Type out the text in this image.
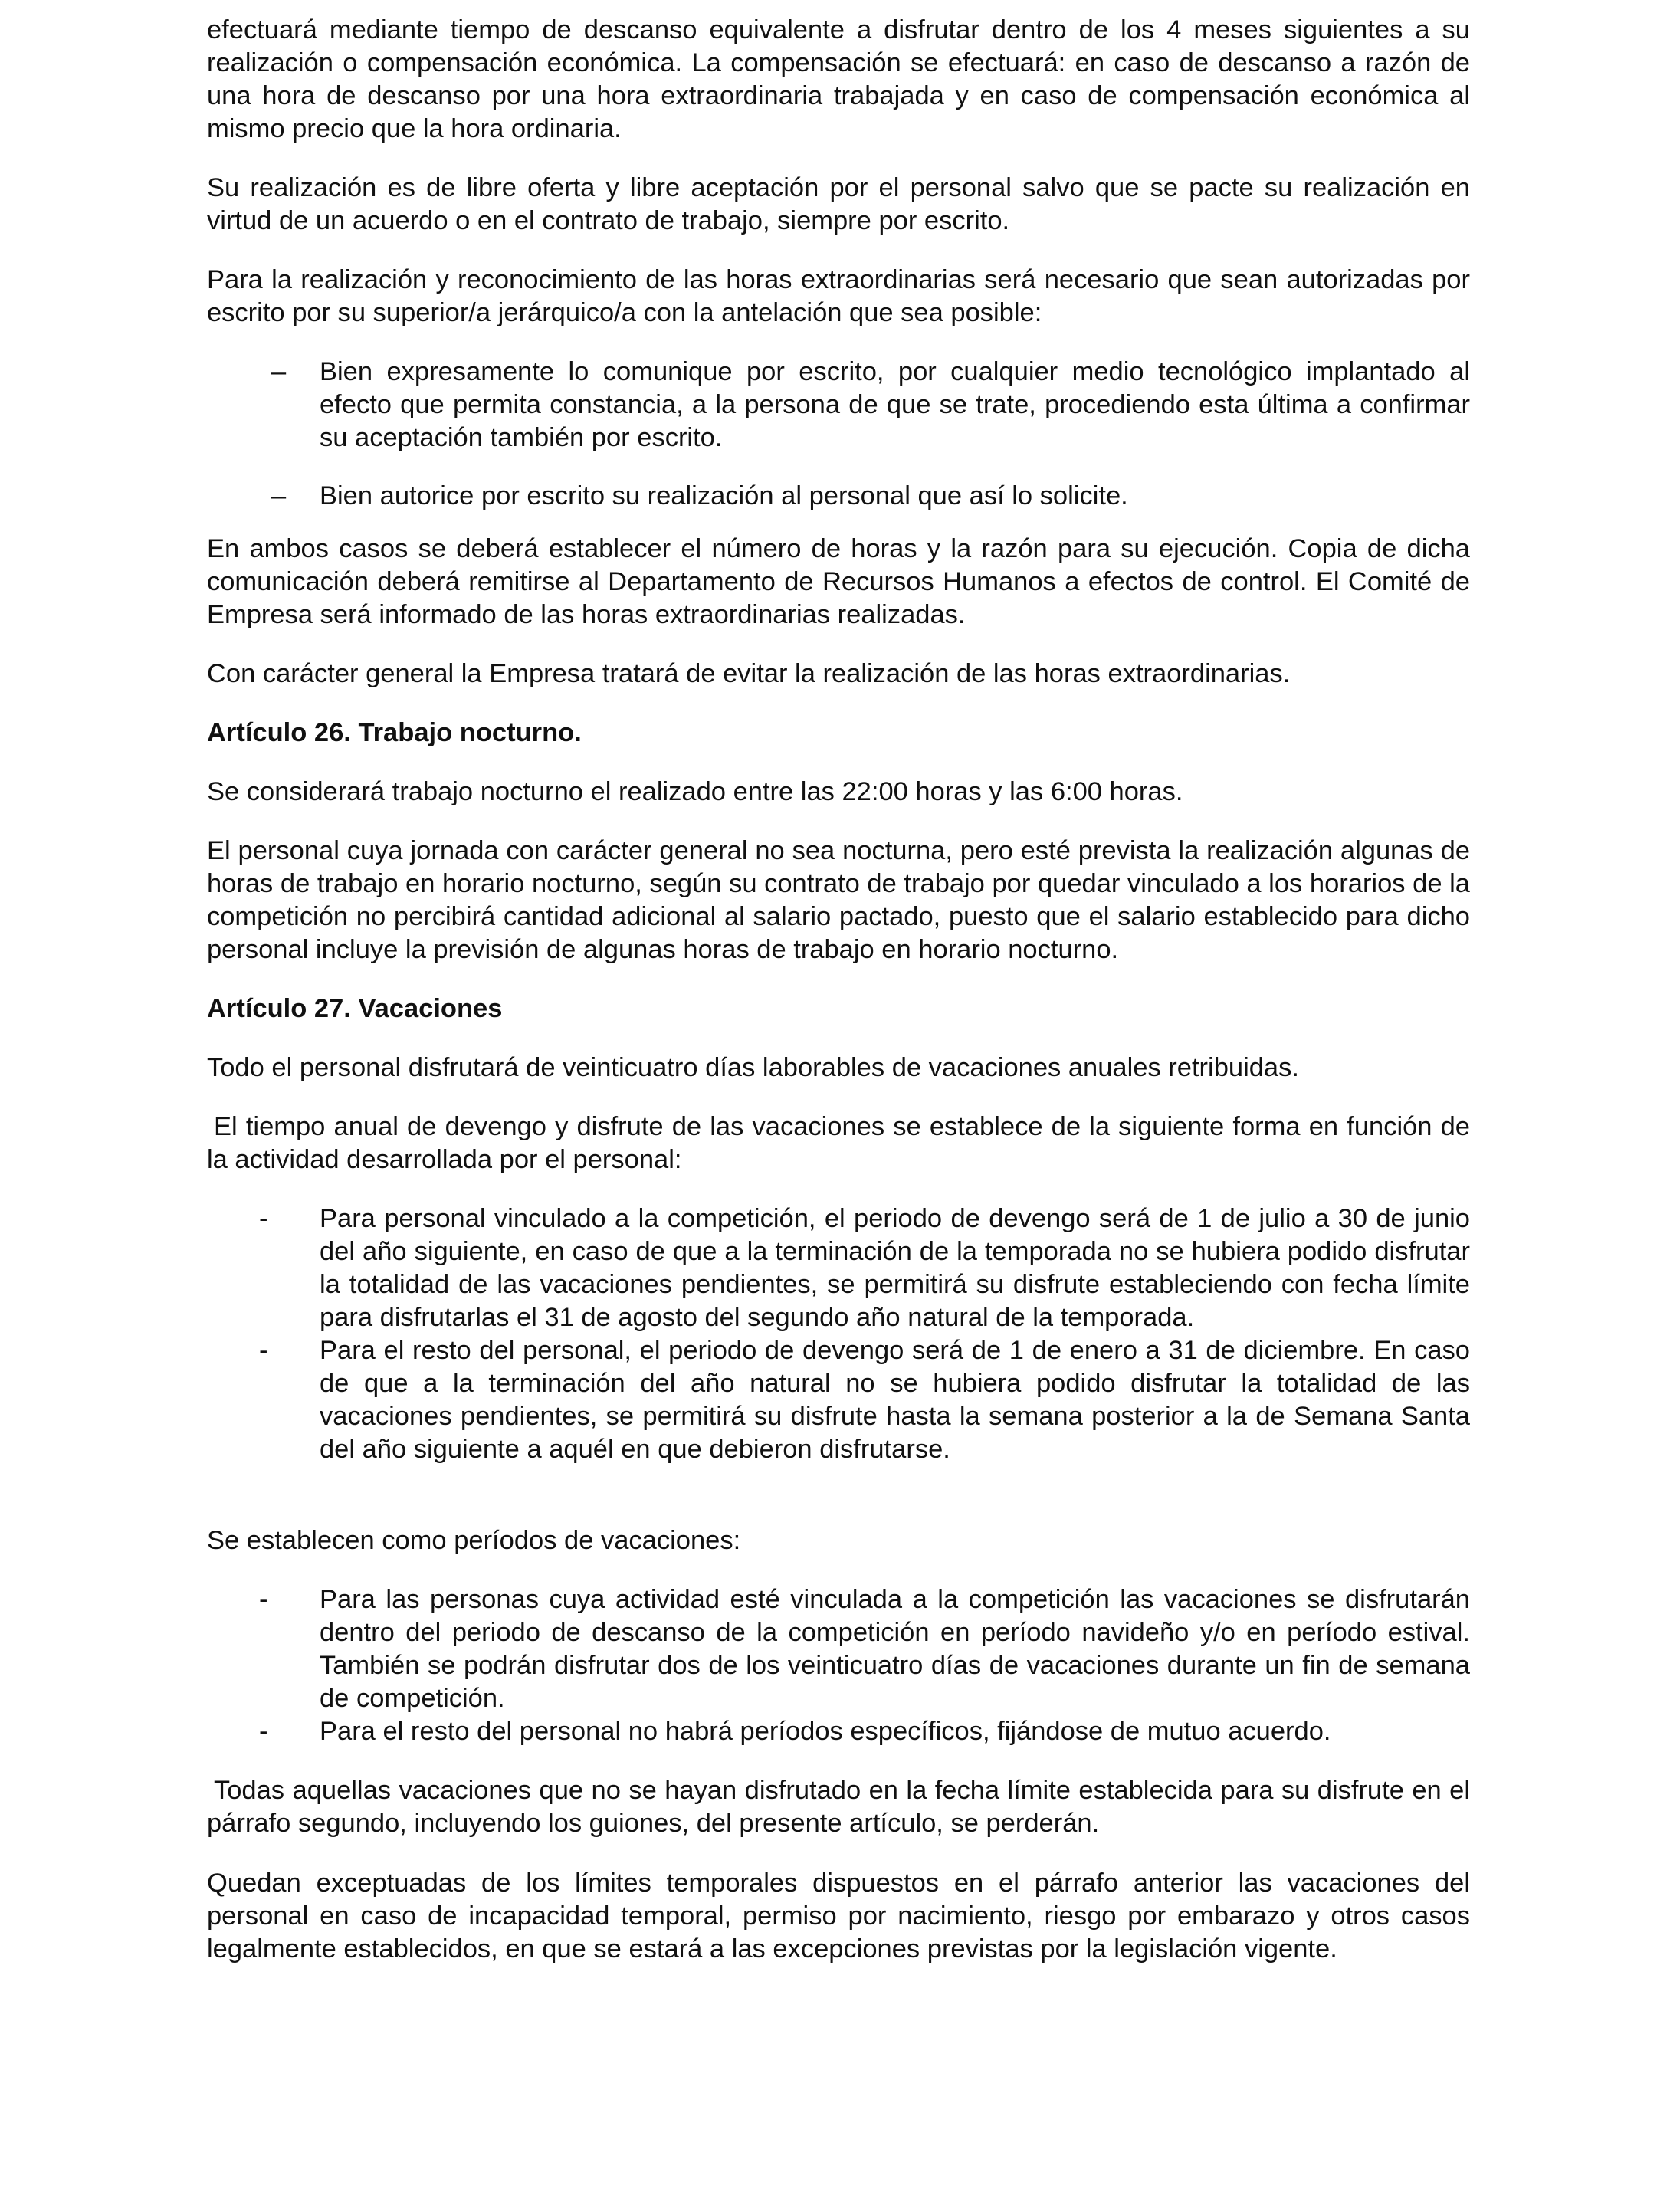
efectuará mediante tiempo de descanso equivalente a disfrutar dentro de los 4 meses siguientes a su realización o compensación económica. La compensación se efectuará: en caso de descanso a razón de una hora de descanso por una hora extraordinaria trabajada y en caso de compensación económica al mismo precio que la hora ordinaria.

Su realización es de libre oferta y libre aceptación por el personal salvo que se pacte su realización en virtud de un acuerdo o en el contrato de trabajo, siempre por escrito.

Para la realización y reconocimiento de las horas extraordinarias será necesario que sean autorizadas por escrito por su superior/a jerárquico/a con la antelación que sea posible:

– Bien expresamente lo comunique por escrito, por cualquier medio tecnológico implantado al efecto que permita constancia, a la persona de que se trate, procediendo esta última a confirmar su aceptación también por escrito.
– Bien autorice por escrito su realización al personal que así lo solicite.

En ambos casos se deberá establecer el número de horas y la razón para su ejecución. Copia de dicha comunicación deberá remitirse al Departamento de Recursos Humanos a efectos de control. El Comité de Empresa será informado de las horas extraordinarias realizadas.

Con carácter general la Empresa tratará de evitar la realización de las horas extraordinarias.

Artículo 26. Trabajo nocturno.

Se considerará trabajo nocturno el realizado entre las 22:00 horas y las 6:00 horas.

El personal cuya jornada con carácter general no sea nocturna, pero esté prevista la realización algunas de horas de trabajo en horario nocturno, según su contrato de trabajo por quedar vinculado a los horarios de la competición no percibirá cantidad adicional al salario pactado, puesto que el salario establecido para dicho personal incluye la previsión de algunas horas de trabajo en horario nocturno.

Artículo 27. Vacaciones

Todo el personal disfrutará de veinticuatro días laborables de vacaciones anuales retribuidas.

El tiempo anual de devengo y disfrute de las vacaciones se establece de la siguiente forma en función de la actividad desarrollada por el personal:

- Para personal vinculado a la competición, el periodo de devengo será de 1 de julio a 30 de junio del año siguiente, en caso de que a la terminación de la temporada no se hubiera podido disfrutar la totalidad de las vacaciones pendientes, se permitirá su disfrute estableciendo con fecha límite para disfrutarlas el 31 de agosto del segundo año natural de la temporada.
- Para el resto del personal, el periodo de devengo será de 1 de enero a 31 de diciembre. En caso de que a la terminación del año natural no se hubiera podido disfrutar la totalidad de las vacaciones pendientes, se permitirá su disfrute hasta la semana posterior a la de Semana Santa del año siguiente a aquél en que debieron disfrutarse.

Se establecen como períodos de vacaciones:

- Para las personas cuya actividad esté vinculada a la competición las vacaciones se disfrutarán dentro del periodo de descanso de la competición en período navideño y/o en período estival. También se podrán disfrutar dos de los veinticuatro días de vacaciones durante un fin de semana de competición.
- Para el resto del personal no habrá períodos específicos, fijándose de mutuo acuerdo.

Todas aquellas vacaciones que no se hayan disfrutado en la fecha límite establecida para su disfrute en el párrafo segundo, incluyendo los guiones, del presente artículo, se perderán.

Quedan exceptuadas de los límites temporales dispuestos en el párrafo anterior las vacaciones del personal en caso de incapacidad temporal, permiso por nacimiento, riesgo por embarazo y otros casos legalmente establecidos, en que se estará a las excepciones previstas por la legislación vigente.
